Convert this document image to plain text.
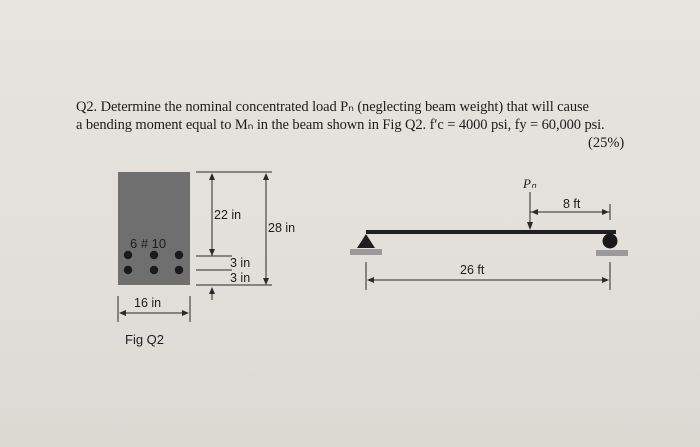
Q2. Determine the nominal concentrated load Pₙ (neglecting beam weight) that will cause
a bending moment equal to Mₙ in the beam shown in Fig Q2. f′c = 4000 psi, fy = 60,000 psi.
(25%)
6 # 10
22 in
28 in
3 in
3 in
16 in
Fig Q2
Pₙ
8 ft
26 ft
